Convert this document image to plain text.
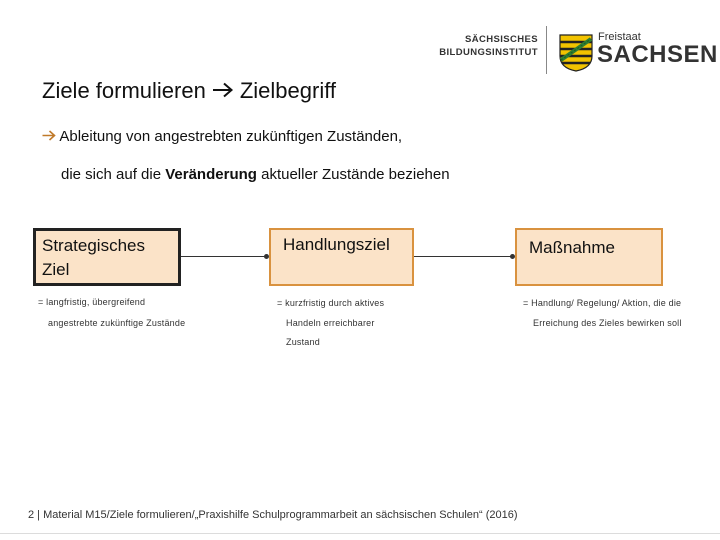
SÄCHSISCHES
BILDUNGSINSTITUT
Freistaat
SACHSEN
Ziele formulieren Zielbegriff
Ableitung von angestrebten zukünftigen Zuständen,
die sich auf die Veränderung aktueller Zustände beziehen
Strategisches
Ziel
Handlungsziel	Maßnahme
= langfristig, übergreifend
angestrebte zukünftige Zustände
= kurzfristig durch aktives
Handeln erreichbarer
Zustand
= Handlung/ Regelung/ Aktion, die die
Erreichung des Zieles bewirken soll
2 | Material M15/Ziele formulieren/„Praxishilfe Schulprogrammarbeit an sächsischen Schulen“ (2016)
